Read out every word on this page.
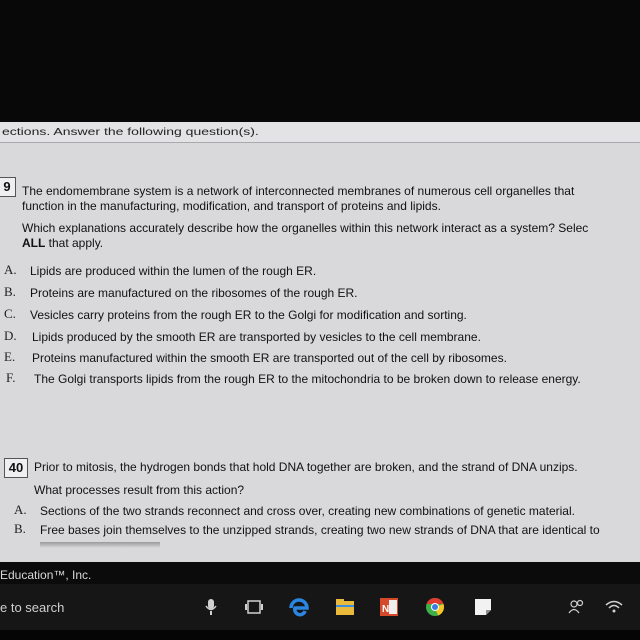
ections. Answer the following question(s).
9 The endomembrane system is a network of interconnected membranes of numerous cell organelles that
function in the manufacturing, modification, and transport of proteins and lipids.
Which explanations accurately describe how the organelles within this network interact as a system? Selec
ALL that apply.
A. Lipids are produced within the lumen of the rough ER.
B. Proteins are manufactured on the ribosomes of the rough ER.
C. Vesicles carry proteins from the rough ER to the Golgi for modification and sorting.
D. Lipids produced by the smooth ER are transported by vesicles to the cell membrane.
E. Proteins manufactured within the smooth ER are transported out of the cell by ribosomes.
F. The Golgi transports lipids from the rough ER to the mitochondria to be broken down to release energy.
40 Prior to mitosis, the hydrogen bonds that hold DNA together are broken, and the strand of DNA unzips.
What processes result from this action?
A. Sections of the two strands reconnect and cross over, creating new combinations of genetic material.
B. Free bases join themselves to the unzipped strands, creating two new strands of DNA that are identical to
Education™, Inc.
e to search	N
